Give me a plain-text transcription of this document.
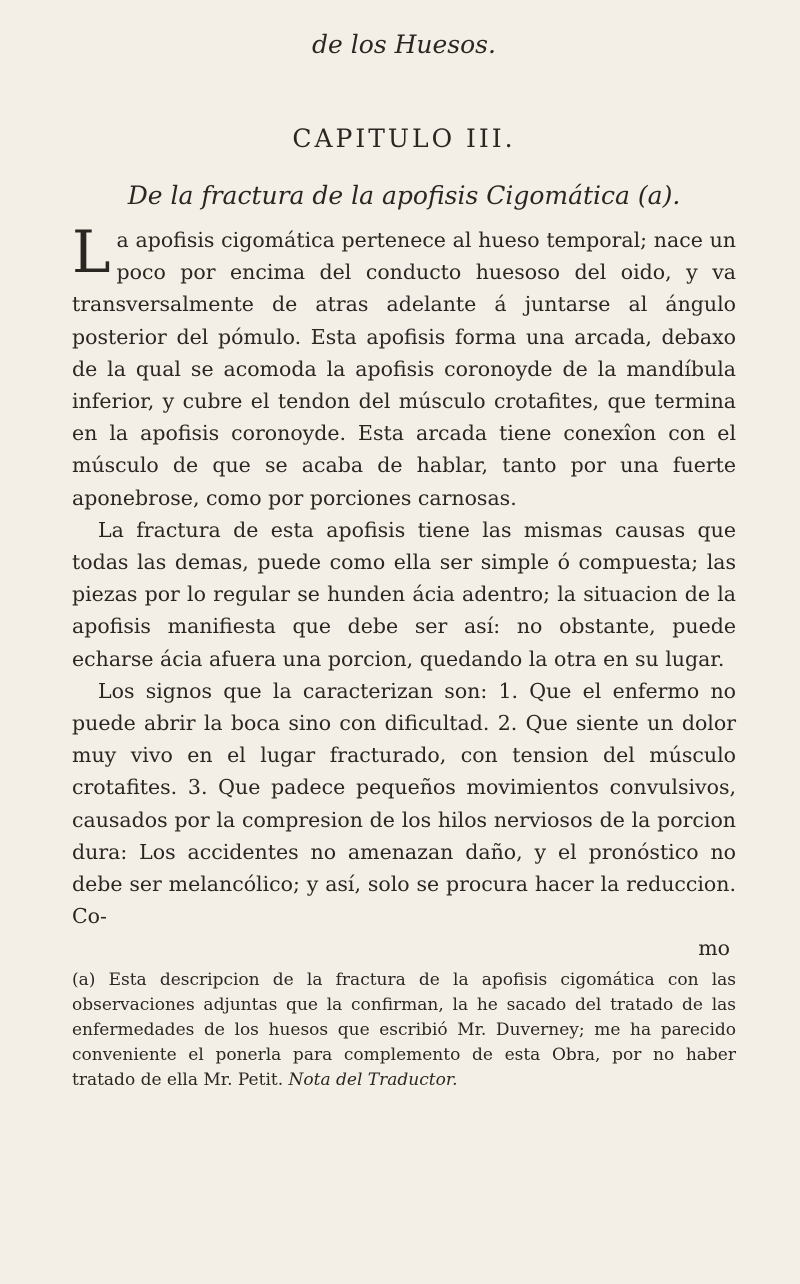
de los Huesos.
CAPITULO III.
De la fractura de la apofisis Cigomática (a).

La apofisis cigomática pertenece al hueso temporal; nace un poco por encima del conducto huesoso del oido, y va transversalmente de atras adelante á juntarse al ángulo posterior del pómulo. Esta apofisis forma una arcada, debaxo de la qual se acomoda la apofisis coronoyde de la mandíbula inferior, y cubre el tendon del músculo crotafites, que termina en la apofisis coronoyde. Esta arcada tiene conexîon con el músculo de que se acaba de hablar, tanto por una fuerte aponebrose, como por porciones carnosas.

La fractura de esta apofisis tiene las mismas causas que todas las demas, puede como ella ser simple ó compuesta; las piezas por lo regular se hunden ácia adentro; la situacion de la apofisis manifiesta que debe ser así: no obstante, puede echarse ácia afuera una porcion, quedando la otra en su lugar.

Los signos que la caracterizan son: 1. Que el enfermo no puede abrir la boca sino con dificultad. 2. Que siente un dolor muy vivo en el lugar fracturado, con tension del músculo crotafites. 3. Que padece pequeños movimientos convulsivos, causados por la compresion de los hilos nerviosos de la porcion dura: Los accidentes no amenazan daño, y el pronóstico no debe ser melancólico; y así, solo se procura hacer la reduccion. Co-

mo
(a) Esta descripcion de la fractura de la apofisis cigomática con las observaciones adjuntas que la confirman, la he sacado del tratado de las enfermedades de los huesos que escribió Mr. Duverney; me ha parecido conveniente el ponerla para complemento de esta Obra, por no haber tratado de ella Mr. Petit. Nota del Traductor.
